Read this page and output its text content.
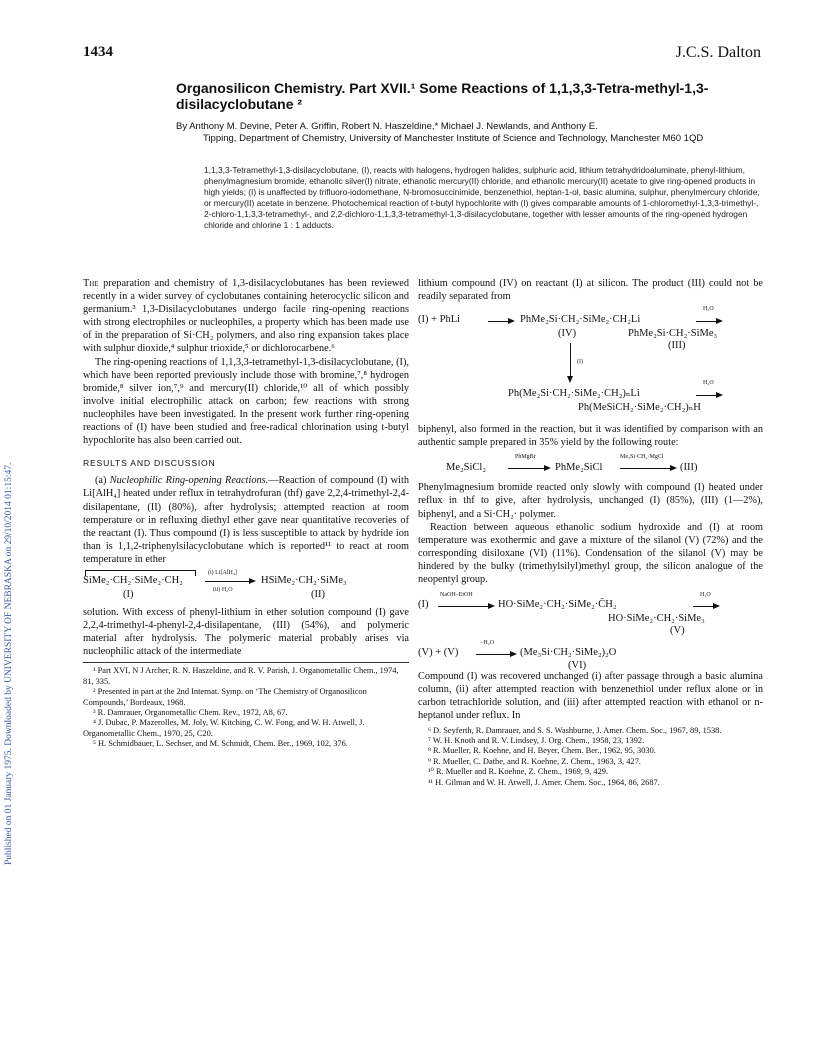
Published on 01 January 1975. Downloaded by UNIVERSITY OF NEBRASKA on 29/10/2014 01:15:47.
1434	J.C.S. Dalton
Organosilicon Chemistry. Part XVII.¹ Some Reactions of 1,1,3,3-Tetra-methyl-1,3-disilacyclobutane ²
By Anthony M. Devine, Peter A. Griffin, Robert N. Haszeldine,* Michael J. Newlands, and Anthony E.
Tipping, Department of Chemistry, University of Manchester Institute of Science and Technology, Manchester M60 1QD
1,1,3,3-Tetramethyl-1,3-disilacyclobutane, (I), reacts with halogens, hydrogen halides, sulphuric acid, lithium tetrahydridoaluminate, phenyl-lithium, phenylmagnesium bromide, ethanolic silver(I) nitrate, ethanolic mercury(II) chloride, and ethanolic mercury(II) acetate to give ring-opened products in high yields; (I) is unaffected by trifluoro-iodomethane, N-bromosuccinimide, benzenethiol, heptan-1-ol, basic alumina, sulphur, phenylmercury chloride, or mercury(II) acetate in benzene. Photochemical reaction of t-butyl hypochlorite with (I) gives comparable amounts of 1-chloromethyl-1,3,3-trimethyl-, 2-chloro-1,1,3,3-tetramethyl-, and 2,2-dichloro-1,1,3,3-tetramethyl-1,3-disilacyclobutane, together with lesser amounts of the ring-opened hydrogen chloride and chlorine 1 : 1 adducts.

The preparation and chemistry of 1,3-disilacyclobutanes has been reviewed recently in a wider survey of cyclobutanes containing heterocyclic silicon and germanium.³ 1,3-Disilacyclobutanes undergo facile ring-opening reactions with strong electrophiles or nucleophiles, a property which has been made use of in the preparation of Si·CH₂ polymers, and also ring expansion takes place with sulphur dioxide,⁴ sulphur trioxide,⁵ or dichlorocarbene.⁶

The ring-opening reactions of 1,1,3,3-tetramethyl-1,3-disilacyclobutane, (I), which have been reported previously include those with bromine,⁷,⁸ hydrogen bromide,⁸ silver ion,⁷,⁹ and mercury(II) chloride,¹⁰ all of which possibly involve initial electrophilic attack on carbon; few reactions with strong nucleophiles have been investigated. In the present work further ring-opening reactions of (I) have been studied and free-radical chlorination using t-butyl hypochlorite has also been carried out.

RESULTS AND DISCUSSION

(a) Nucleophilic Ring-opening Reactions.—Reaction of compound (I) with Li[AlH₄] heated under reflux in tetrahydrofuran (thf) gave 2,2,4-trimethyl-2,4-disilapentane, (II) (80%), after hydrolysis; attempted reaction at room temperature or in refluxing diethyl ether gave near quantitative recoveries of the reactant (I). Thus compound (I) is less susceptible to attack by hydride ion than is 1,1,2-triphenylsilacyclobutane which is reported¹¹ to react at room temperature in ether

SiMe₂·CH₂·SiMe₂·CH₂
(i) Li[AlH₄]
(ii) H₂O
HSiMe₂·CH₂·SiMe₃
(I)	(II)

solution. With excess of phenyl-lithium in ether solution compound (I) gave 2,2,4-trimethyl-4-phenyl-2,4-disilapentane, (III) (54%), and polymeric material after hydrolysis. The polymeric material probably arises via nucleophilic attack of the intermediate

¹ Part XVI, N J Archer, R. N. Haszeldine, and R. V. Parish, J. Organometallic Chem., 1974, 81, 335.
² Presented in part at the 2nd Internat. Symp. on ‘The Chemistry of Organosilicon Compounds,’ Bordeaux, 1968.
³ R. Damrauer, Organometallic Chem. Rev., 1972, A8, 67.
⁴ J. Dubac, P. Mazerolles, M. Joly, W. Kitching, C. W. Fong, and W. H. Atwell, J. Organometallic Chem., 1970, 25, C20.
⁵ H. Schmidbauer, L. Sechser, and M. Schmidt, Chem. Ber., 1969, 102, 376.

lithium compound (IV) on reactant (I) at silicon. The product (III) could not be readily separated from

(I) + PhLi	PhMe₂Si·CH₂·SiMe₂·CH₂Li
H₂O
(IV)	PhMe₂Si·CH₂·SiMe₃
(III)
(I)
Ph(Me₂Si·CH₂·SiMe₂·CH₂)ₙLi
H₂O
Ph(MeSiCH₂·SiMe₂·CH₂)ₙH

biphenyl, also formed in the reaction, but it was identified by comparison with an authentic sample prepared in 35% yield by the following route:

Me₂SiCl₂
PhMgBr
PhMe₂SiCl
Me₃Si·CH₂·MgCl
(III)

Phenylmagnesium bromide reacted only slowly with compound (I) heated under reflux in thf to give, after hydrolysis, unchanged (I) (85%), (III) (1—2%), biphenyl, and a Si·CH₂· polymer.

Reaction between aqueous ethanolic sodium hydroxide and (I) at room temperature was exothermic and gave a mixture of the silanol (V) (72%) and the corresponding disiloxane (VI) (11%). Condensation of the silanol (V) may be hindered by the bulky (trimethylsilyl)methyl group, the silicon analogue of the neopentyl group.

(I)
NaOH–EtOH
HO·SiMe₂·CH₂·SiMe₂·C̄H₂
H₂O
HO·SiMe₂·CH₂·SiMe₃
(V)
(V) + (V)
−H₂O
(Me₃Si·CH₂·SiMe₂)₂O
(VI)

Compound (I) was recovered unchanged (i) after passage through a basic alumina column, (ii) after attempted reaction with benzenethiol under reflux alone or in carbon tetrachloride solution, and (iii) after attempted reaction with ethanol or n-heptanol under reflux. In

⁶ D. Seyferth, R. Damrauer, and S. S. Washburne, J. Amer. Chem. Soc., 1967, 89, 1538.
⁷ W. H. Knoth and R. V. Lindsey, J. Org. Chem., 1958, 23, 1392.
⁸ R. Mueller, R. Koehne, and H. Beyer, Chem. Ber., 1962, 95, 3030.
⁹ R. Mueller, C. Dathe, and R. Koehne, Z. Chem., 1963, 3, 427.
¹⁰ R. Mueller and R. Koehne, Z. Chem., 1969, 9, 429.
¹¹ H. Gilman and W. H. Atwell, J. Amer. Chem. Soc., 1964, 86, 2687.
